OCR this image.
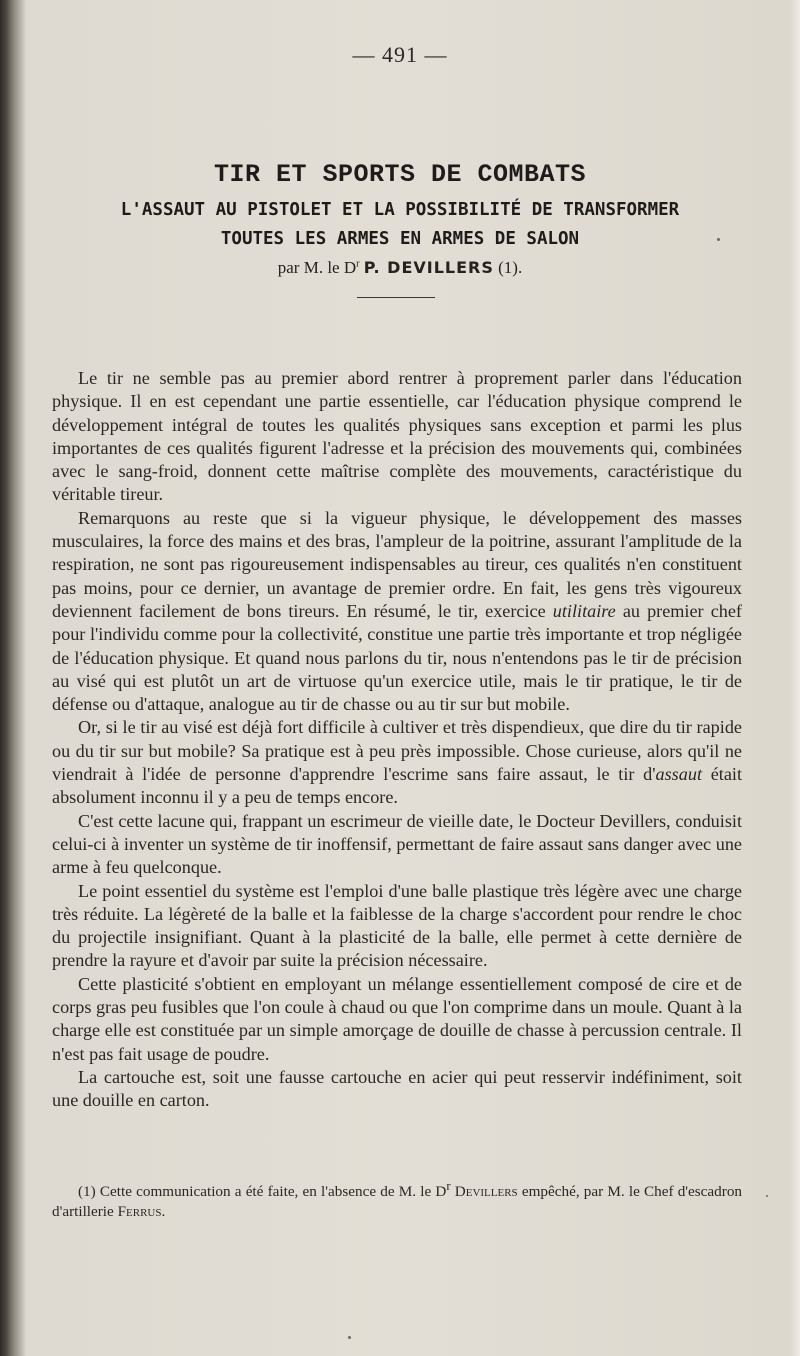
— 491 —
TIR ET SPORTS DE COMBATS
L'ASSAUT AU PISTOLET ET LA POSSIBILITÉ DE TRANSFORMER
TOUTES LES ARMES EN ARMES DE SALON
par M. le $D^r$ P. DEVILLERS (1).

Le tir ne semble pas au premier abord rentrer à proprement parler dans l'éducation physique. Il en est cependant une partie essentielle, car l'éducation physique comprend le développement intégral de toutes les qualités physiques sans exception et parmi les plus importantes de ces qualités figurent l'adresse et la précision des mouvements qui, combinées avec le sang-froid, donnent cette maîtrise complète des mouvements, caractéristique du véritable tireur.

Remarquons au reste que si la vigueur physique, le développement des masses musculaires, la force des mains et des bras, l'ampleur de la poitrine, assurant l'amplitude de la respiration, ne sont pas rigoureusement indispensables au tireur, ces qualités n'en constituent pas moins, pour ce dernier, un avantage de premier ordre. En fait, les gens très vigoureux deviennent facilement de bons tireurs. En résumé, le tir, exercice utilitaire au premier chef pour l'individu comme pour la collectivité, constitue une partie très importante et trop négligée de l'éducation physique. Et quand nous parlons du tir, nous n'entendons pas le tir de précision au visé qui est plutôt un art de virtuose qu'un exercice utile, mais le tir pratique, le tir de défense ou d'attaque, analogue au tir de chasse ou au tir sur but mobile.

Or, si le tir au visé est déjà fort difficile à cultiver et très dispendieux, que dire du tir rapide ou du tir sur but mobile? Sa pratique est à peu près impossible. Chose curieuse, alors qu'il ne viendrait à l'idée de personne d'apprendre l'escrime sans faire assaut, le tir d'assaut était absolument inconnu il y a peu de temps encore.

C'est cette lacune qui, frappant un escrimeur de vieille date, le Docteur Devillers, conduisit celui-ci à inventer un système de tir inoffensif, permettant de faire assaut sans danger avec une arme à feu quelconque.

Le point essentiel du système est l'emploi d'une balle plastique très légère avec une charge très réduite. La légèreté de la balle et la faiblesse de la charge s'accordent pour rendre le choc du projectile insignifiant. Quant à la plasticité de la balle, elle permet à cette dernière de prendre la rayure et d'avoir par suite la précision nécessaire.

Cette plasticité s'obtient en employant un mélange essentiellement composé de cire et de corps gras peu fusibles que l'on coule à chaud ou que l'on comprime dans un moule. Quant à la charge elle est constituée par un simple amorçage de douille de chasse à percussion centrale. Il n'est pas fait usage de poudre.

La cartouche est, soit une fausse cartouche en acier qui peut resservir indéfiniment, soit une douille en carton.

(1) Cette communication a été faite, en l'absence de M. le $D^r$ Devillers empêché, par M. le Chef d'escadron d'artillerie Ferrus.
